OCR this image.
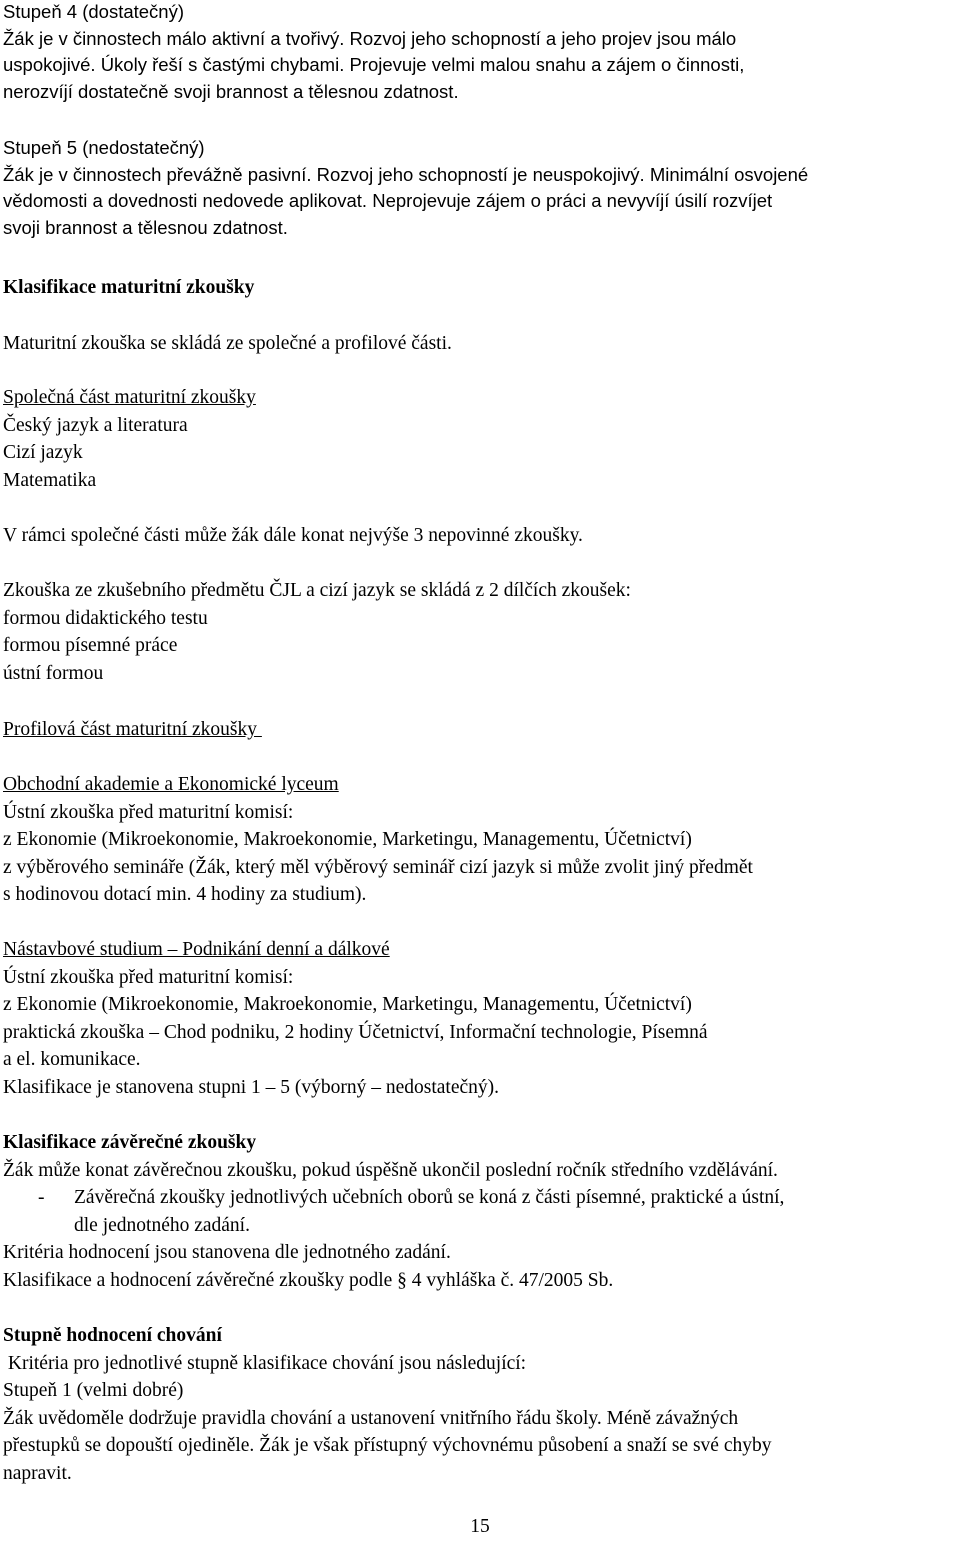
Stupeň 4 (dostatečný)
Žák je v činnostech málo aktivní a tvořivý. Rozvoj jeho schopností a jeho projev jsou málo
uspokojivé. Úkoly řeší s častými chybami. Projevuje velmi malou snahu a zájem o činnosti,
nerozvíjí dostatečně svoji brannost a tělesnou zdatnost.
Stupeň 5 (nedostatečný)
Žák je v činnostech převážně pasivní. Rozvoj jeho schopností je neuspokojivý. Minimální osvojené
vědomosti a dovednosti nedovede aplikovat. Neprojevuje zájem o práci a nevyvíjí úsilí rozvíjet
svoji brannost a tělesnou zdatnost.
Klasifikace maturitní zkoušky
Maturitní zkouška se skládá ze společné a profilové části.
Společná část maturitní zkoušky
Český jazyk a literatura
Cizí jazyk
Matematika
V rámci společné části může žák dále konat nejvýše 3 nepovinné zkoušky.
Zkouška ze zkušebního předmětu ČJL a cizí jazyk se skládá z 2 dílčích zkoušek:
formou didaktického testu
formou písemné práce
ústní formou
Profilová část maturitní zkoušky
Obchodní akademie a Ekonomické lyceum
Ústní zkouška před maturitní komisí:
z Ekonomie (Mikroekonomie, Makroekonomie, Marketingu, Managementu, Účetnictví)
z výběrového semináře (Žák, který měl výběrový seminář cizí jazyk si může zvolit jiný předmět
s hodinovou dotací min. 4 hodiny za studium).
Nástavbové studium – Podnikání denní a dálkové
Ústní zkouška před maturitní komisí:
z Ekonomie (Mikroekonomie, Makroekonomie, Marketingu, Managementu, Účetnictví)
praktická zkouška – Chod podniku, 2 hodiny Účetnictví, Informační technologie, Písemná
a el. komunikace.
Klasifikace je stanovena stupni 1 – 5 (výborný – nedostatečný).
Klasifikace závěrečné zkoušky
Žák může konat závěrečnou zkoušku, pokud úspěšně ukončil poslední ročník středního vzdělávání.
- Závěrečná zkoušky jednotlivých učebních oborů se koná z části písemné, praktické a ústní,
dle jednotného zadání.
Kritéria hodnocení jsou stanovena dle jednotného zadání.
Klasifikace a hodnocení závěrečné zkoušky podle § 4 vyhláška č. 47/2005 Sb.
Stupně hodnocení chování
Kritéria pro jednotlivé stupně klasifikace chování jsou následující:
Stupeň 1 (velmi dobré)
Žák uvědoměle dodržuje pravidla chování a ustanovení vnitřního řádu školy. Méně závažných
přestupků se dopouští ojediněle. Žák je však přístupný výchovnému působení a snaží se své chyby
napravit.
15
